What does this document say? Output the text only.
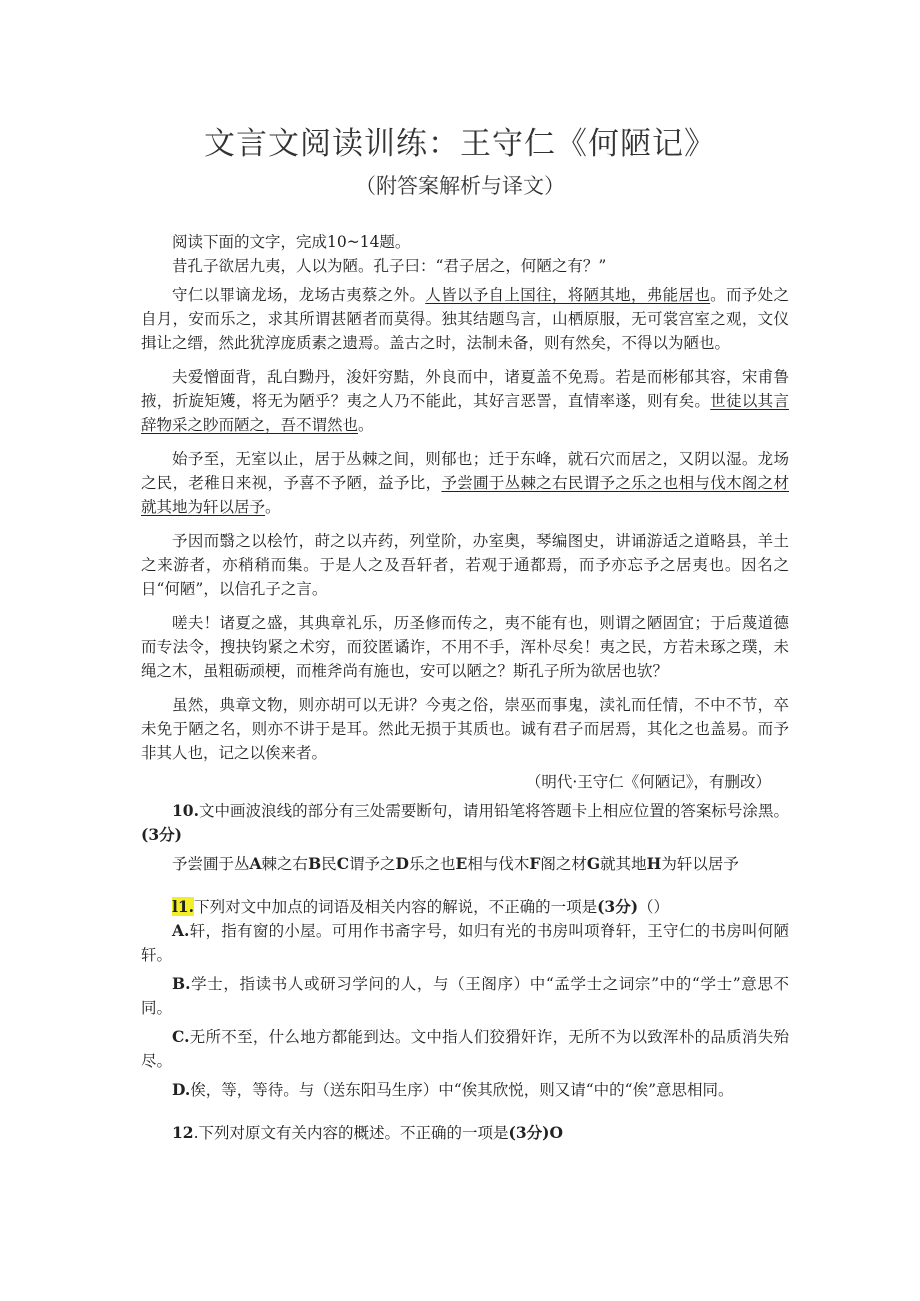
文言文阅读训练：王守仁《何陋记》
（附答案解析与译文）

阅读下面的文字，完成10~14题。

昔孔子欲居九夷，人以为陋。孔子曰：“君子居之，何陋之有？”

守仁以罪谪龙场，龙场古夷蔡之外。人皆以予自上国往，将陋其地，弗能居也。而予处之自月，安而乐之，求其所谓甚陋者而莫得。独其结题鸟言，山栖原服，无可裳宫室之观，文仪揖让之缙，然此犹淳庞质素之遗焉。盖古之时，法制未备，则有然矣，不得以为陋也。

夫爱憎面背，乱白黝丹，浚奸穷黠，外良而中，诸夏盖不免焉。若是而彬郁其容，宋甫鲁掖，折旋矩矱，将无为陋乎？夷之人乃不能此，其好言恶詈，直情率遂，则有矣。世徒以其言辞物采之眇而陋之，吾不谓然也。

始予至，无室以止，居于丛棘之间，则郁也；迁于东峰，就石穴而居之，又阴以湿。龙场之民，老稚日来视，予喜不予陋，益予比，予尝圃于丛棘之右民谓予之乐之也相与伐木阁之材就其地为轩以居予。

予因而翳之以桧竹，莳之以卉药，列堂阶，办室奥，琴编图史，讲诵游适之道略县，羊土之来游者，亦稍稍而集。于是人之及吾轩者，若观于通都焉，而予亦忘予之居夷也。因名之日“何陋”，以信孔子之言。

嗟夫！诸夏之盛，其典章礼乐，历圣修而传之，夷不能有也，则谓之陋固宜；于后蔑道德而专法令，搜抉钧紧之术穷，而狡匿谲诈，不用不手，浑朴尽矣！夷之民，方若未琢之璞，未绳之木，虽粗砺顽梗，而椎斧尚有施也，安可以陋之？斯孔子所为欲居也欤？

虽然，典章文物，则亦胡可以无讲？今夷之俗，崇巫而事鬼，渎礼而任情，不中不节，卒未免于陋之名，则亦不讲于是耳。然此无损于其质也。诚有君子而居焉，其化之也盖易。而予非其人也，记之以俟来者。

（明代·王守仁《何陋记》，有删改）

10.文中画波浪线的部分有三处需要断句，请用铅笔将答题卡上相应位置的答案标号涂黑。(3分)

予尝圃于丛A棘之右B民C谓予之D乐之也E相与伐木F阁之材G就其地H为轩以居予

l1.下列对文中加点的词语及相关内容的解说，不正确的一项是(3分)（）

A.轩，指有窗的小屋。可用作书斋字号，如归有光的书房叫项脊轩，王守仁的书房叫何陋轩。

B.学士，指读书人或研习学问的人，与（王阁序）中“孟学士之词宗”中的“学士”意思不同。

C.无所不至，什么地方都能到达。文中指人们狡猾奸诈，无所不为以致浑朴的品质消失殆尽。

D.俟，等，等待。与（送东阳马生序）中“俟其欣悦，则又请“中的“俟”意思相同。

12.下列对原文有关内容的概述。不正确的一项是(3分)O
